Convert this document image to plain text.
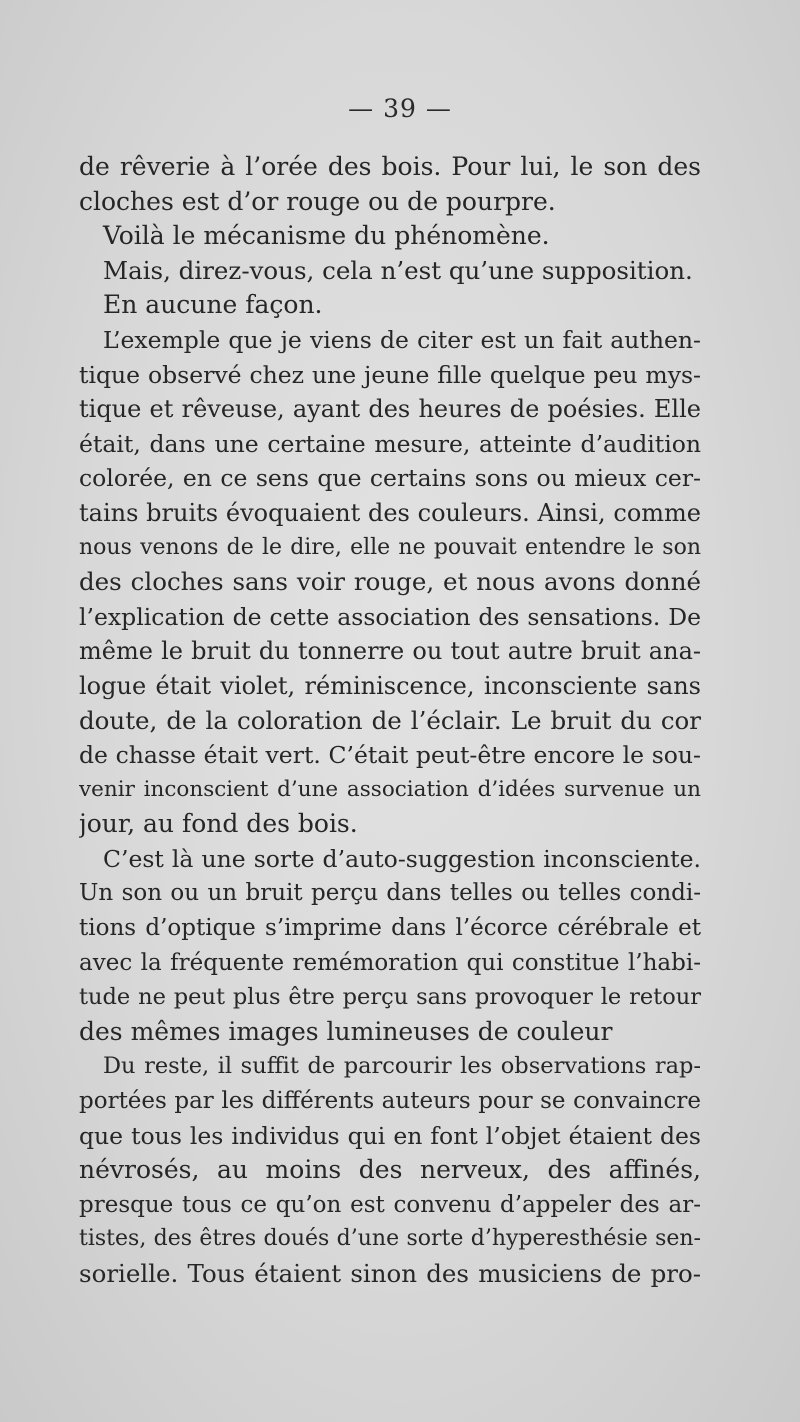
— 39 —
de rêverie à l’orée des bois. Pour lui, le son des
cloches est d’or rouge ou de pourpre.
Voilà le mécanisme du phénomène.
Mais, direz-vous, cela n’est qu’une supposition.
En aucune façon.
L’exemple que je viens de citer est un fait authen-
tique observé chez une jeune fille quelque peu mys-
tique et rêveuse, ayant des heures de poésies. Elle
était, dans une certaine mesure, atteinte d’audition
colorée, en ce sens que certains sons ou mieux cer-
tains bruits évoquaient des couleurs. Ainsi, comme
nous venons de le dire, elle ne pouvait entendre le son
des cloches sans voir rouge, et nous avons donné
l’explication de cette association des sensations. De
même le bruit du tonnerre ou tout autre bruit ana-
logue était violet, réminiscence, inconsciente sans
doute, de la coloration de l’éclair. Le bruit du cor
de chasse était vert. C’était peut-être encore le sou-
venir inconscient d’une association d’idées survenue un
jour, au fond des bois.
C’est là une sorte d’auto-suggestion inconsciente.
Un son ou un bruit perçu dans telles ou telles condi-
tions d’optique s’imprime dans l’écorce cérébrale et
avec la fréquente remémoration qui constitue l’habi-
tude ne peut plus être perçu sans provoquer le retour
des mêmes images lumineuses de couleur
Du reste, il suffit de parcourir les observations rap-
portées par les différents auteurs pour se convaincre
que tous les individus qui en font l’objet étaient des
névrosés, au moins des nerveux, des affinés,
presque tous ce qu’on est convenu d’appeler des ar-
tistes, des êtres doués d’une sorte d’hyperesthésie sen-
sorielle. Tous étaient sinon des musiciens de pro-
